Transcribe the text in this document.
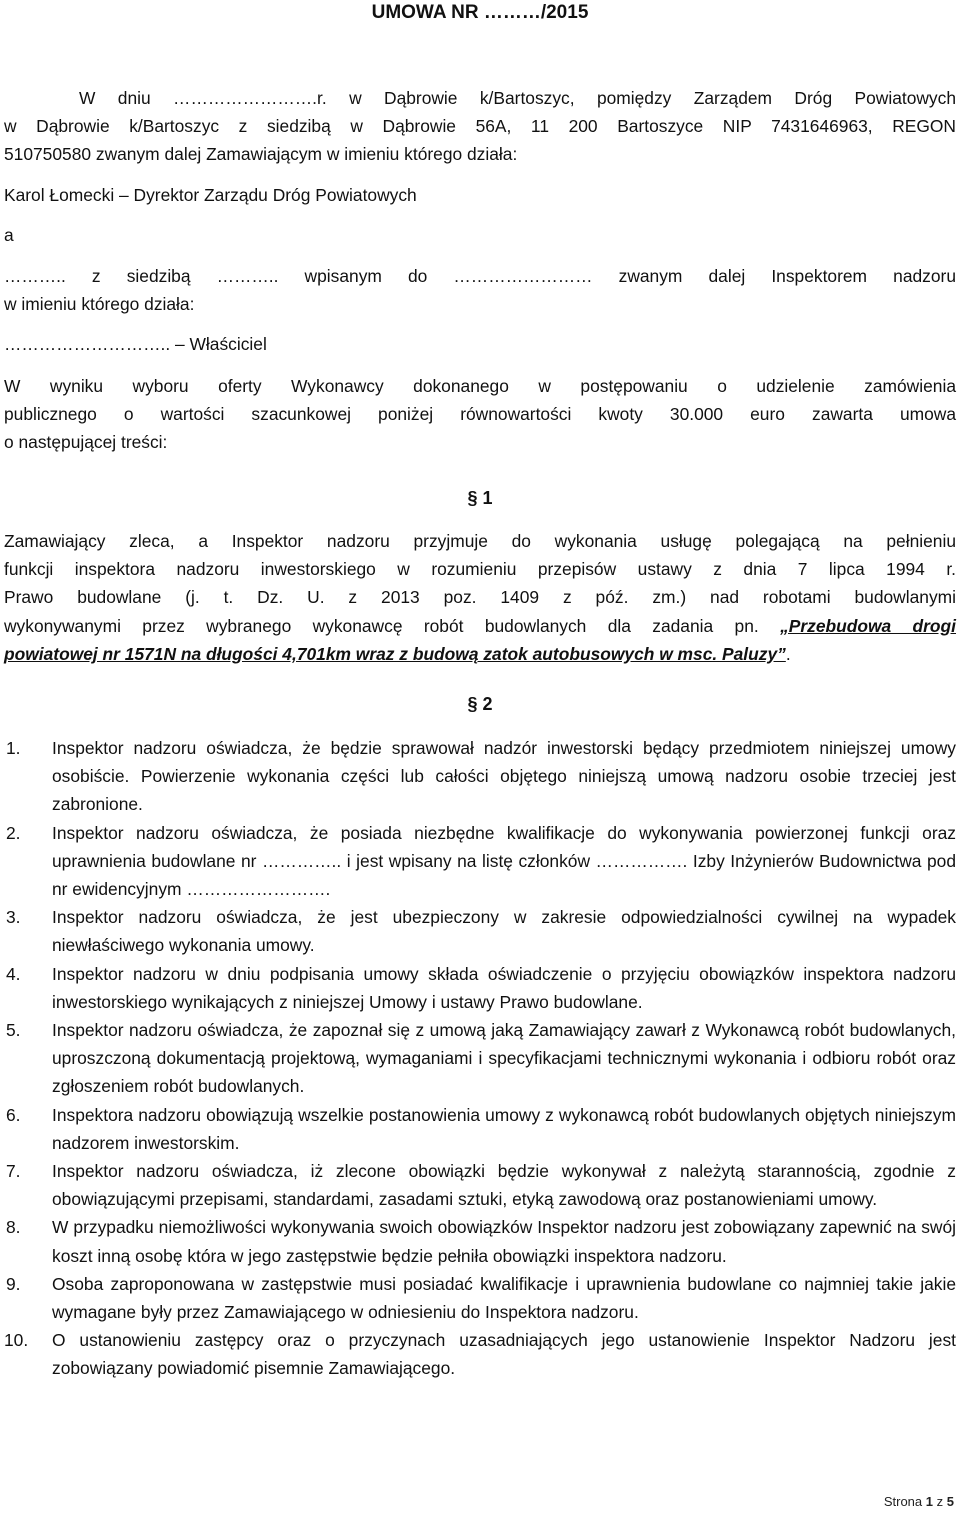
UMOWA NR ………/2015
W dniu …………………….r. w Dąbrowie k/Bartoszyc, pomiędzy Zarządem Dróg Powiatowych
w Dąbrowie k/Bartoszyc z siedzibą w Dąbrowie 56A, 11 200 Bartoszyce NIP 7431646963, REGON
510750580 zwanym dalej Zamawiającym w imieniu którego działa:
Karol Łomecki – Dyrektor Zarządu Dróg Powiatowych
a
……….. z siedzibą ……….. wpisanym do …………………… zwanym dalej Inspektorem nadzoru
w imieniu którego działa:
……………………….. – Właściciel
W wyniku wyboru oferty Wykonawcy dokonanego w postępowaniu o udzielenie zamówienia
publicznego o wartości szacunkowej poniżej równowartości kwoty 30.000 euro zawarta umowa
o następującej treści:
§ 1
Zamawiający zleca, a Inspektor nadzoru przyjmuje do wykonania usługę polegającą na pełnieniu
funkcji inspektora nadzoru inwestorskiego w rozumieniu przepisów ustawy z dnia 7 lipca 1994 r.
Prawo budowlane (j. t. Dz. U. z 2013 poz. 1409 z póź. zm.) nad robotami budowlanymi
wykonywanymi przez wybranego wykonawcę robót budowlanych dla zadania pn. „Przebudowa drogi
powiatowej nr 1571N na długości 4,701km wraz z budową zatok autobusowych w msc. Paluzy”.
§ 2
1. Inspektor nadzoru oświadcza, że będzie sprawował nadzór inwestorski będący przedmiotem niniejszej umowy osobiście. Powierzenie wykonania części lub całości objętego niniejszą umową nadzoru osobie trzeciej jest zabronione.
2. Inspektor nadzoru oświadcza, że posiada niezbędne kwalifikacje do wykonywania powierzonej funkcji oraz uprawnienia budowlane nr ………….. i jest wpisany na listę członków ……………. Izby Inżynierów Budownictwa pod nr ewidencyjnym …………………….
3. Inspektor nadzoru oświadcza, że jest ubezpieczony w zakresie odpowiedzialności cywilnej na wypadek niewłaściwego wykonania umowy.
4. Inspektor nadzoru w dniu podpisania umowy składa oświadczenie o przyjęciu obowiązków inspektora nadzoru inwestorskiego wynikających z niniejszej Umowy i ustawy Prawo budowlane.
5. Inspektor nadzoru oświadcza, że zapoznał się z umową jaką Zamawiający zawarł z Wykonawcą robót budowlanych, uproszczoną dokumentacją projektową, wymaganiami i specyfikacjami technicznymi wykonania i odbioru robót oraz zgłoszeniem robót budowlanych.
6. Inspektora nadzoru obowiązują wszelkie postanowienia umowy z wykonawcą robót budowlanych objętych niniejszym nadzorem inwestorskim.
7. Inspektor nadzoru oświadcza, iż zlecone obowiązki będzie wykonywał z należytą starannością, zgodnie z obowiązującymi przepisami, standardami, zasadami sztuki, etyką zawodową oraz postanowieniami umowy.
8. W przypadku niemożliwości wykonywania swoich obowiązków Inspektor nadzoru jest zobowiązany zapewnić na swój koszt inną osobę która w jego zastępstwie będzie pełniła obowiązki inspektora nadzoru.
9. Osoba zaproponowana w zastępstwie musi posiadać kwalifikacje i uprawnienia budowlane co najmniej takie jakie wymagane były przez Zamawiającego w odniesieniu do Inspektora nadzoru.
10. O ustanowieniu zastępcy oraz o przyczynach uzasadniających jego ustanowienie Inspektor Nadzoru jest zobowiązany powiadomić pisemnie Zamawiającego.
Strona 1 z 5
